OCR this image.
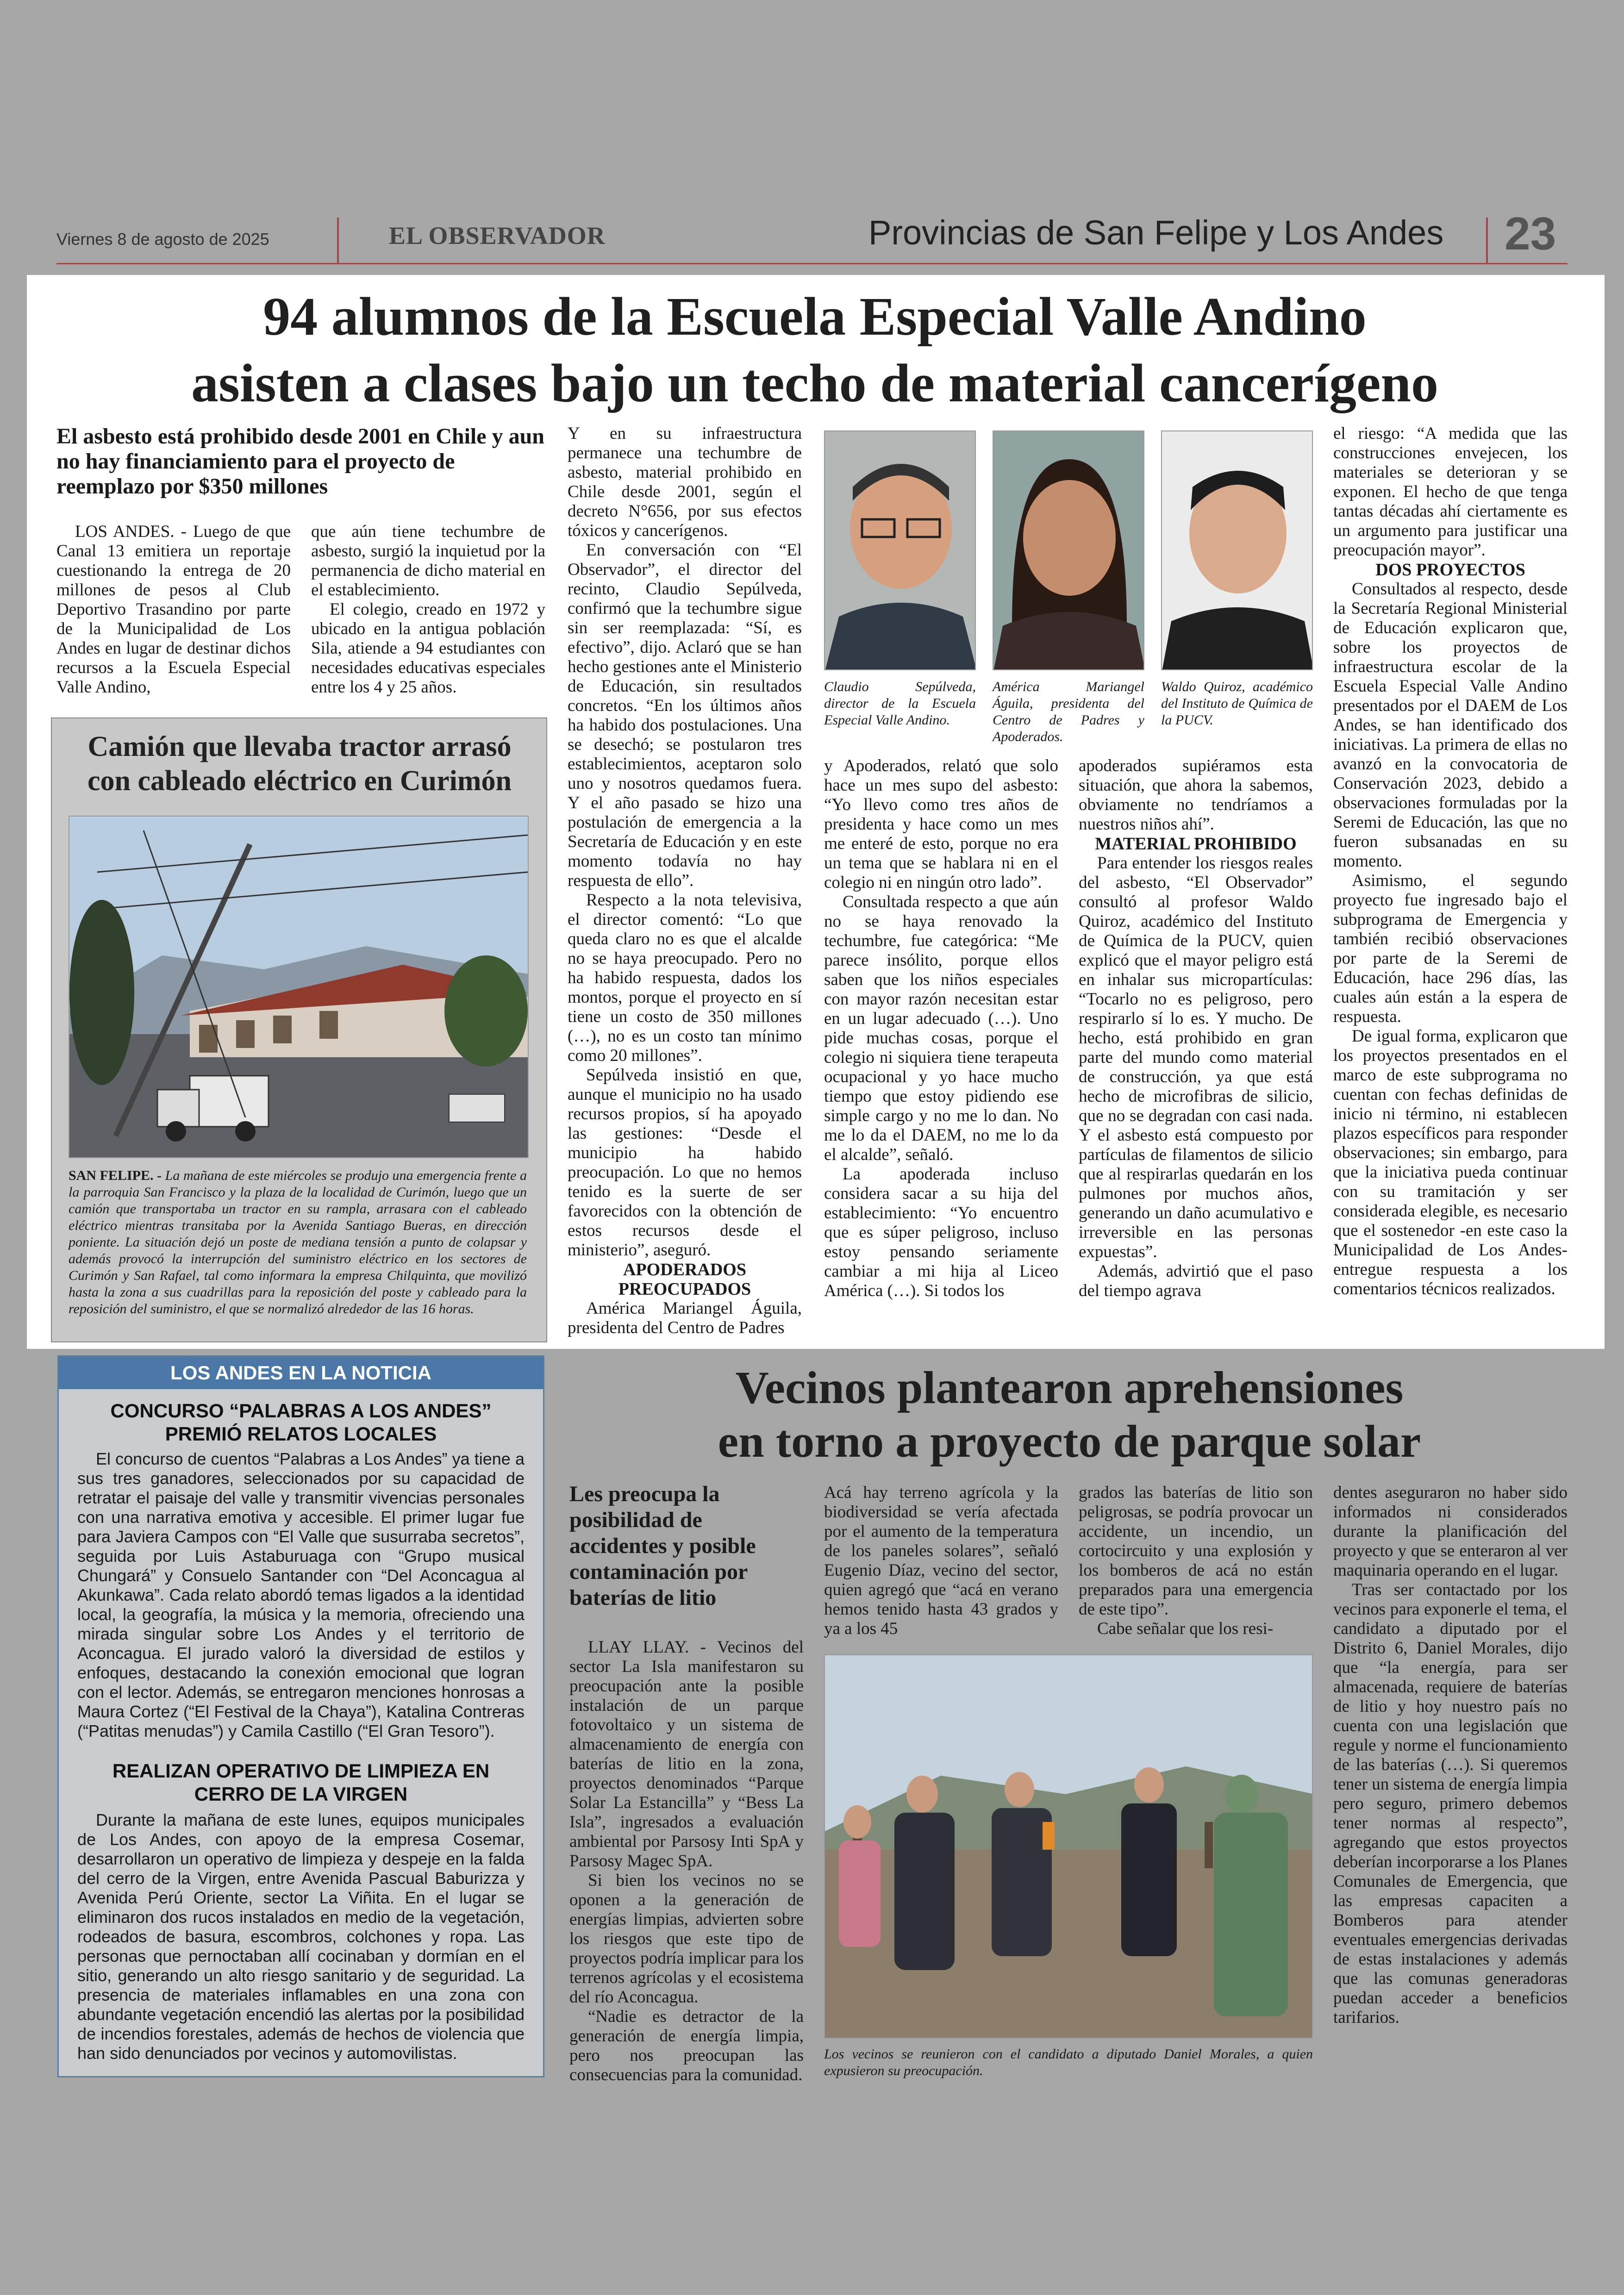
Viernes 8 de agosto de 2025	EL OBSERVADOR	Provincias de San Felipe y Los Andes 23
94 alumnos de la Escuela Especial Valle Andino
asisten a clases bajo un techo de material cancerígeno
El asbesto está prohibido desde 2001 en Chile y aun no hay financiamiento para el proyecto de reemplazo por $350 millones

LOS ANDES. - Luego de que Canal 13 emitiera un reportaje cuestionando la entrega de 20 millones de pesos al Club Deportivo Trasandino por parte de la Municipalidad de Los Andes en lugar de destinar dichos recursos a la Escuela Especial Valle Andino,

que aún tiene techumbre de asbesto, surgió la inquietud por la permanencia de dicho material en el establecimiento.

El colegio, creado en 1972 y ubicado en la antigua población Sila, atiende a 94 estudiantes con necesidades educativas especiales entre los 4 y 25 años.

Camión que llevaba tractor arrasó con cableado eléctrico en Curimón
SAN FELIPE. - La mañana de este miércoles se produjo una emergencia frente a la parroquia San Francisco y la plaza de la localidad de Curimón, luego que un camión que transportaba un tractor en su rampla, arrasara con el cableado eléctrico mientras transitaba por la Avenida Santiago Bueras, en dirección poniente. La situación dejó un poste de mediana tensión a punto de colapsar y además provocó la interrupción del suministro eléctrico en los sectores de Curimón y San Rafael, tal como informara la empresa Chilquinta, que movilizó hasta la zona a sus cuadrillas para la reposición del poste y cableado para la reposición del suministro, el que se normalizó alrededor de las 16 horas.

Y en su infraestructura permanece una techumbre de asbesto, material prohibido en Chile desde 2001, según el decreto N°656, por sus efectos tóxicos y cancerígenos.

En conversación con “El Observador”, el director del recinto, Claudio Sepúlveda, confirmó que la techumbre sigue sin ser reemplazada: “Sí, es efectivo”, dijo. Aclaró que se han hecho gestiones ante el Ministerio de Educación, sin resultados concretos. “En los últimos años ha habido dos postulaciones. Una se desechó; se postularon tres establecimientos, aceptaron solo uno y nosotros quedamos fuera. Y el año pasado se hizo una postulación de emergencia a la Secretaría de Educación y en este momento todavía no hay respuesta de ello”.

Respecto a la nota televisiva, el director comentó: “Lo que queda claro no es que el alcalde no se haya preocupado. Pero no ha habido respuesta, dados los montos, porque el proyecto en sí tiene un costo de 350 millones (…), no es un costo tan mínimo como 20 millones”.

Sepúlveda insistió en que, aunque el municipio no ha usado recursos propios, sí ha apoyado las gestiones: “Desde el municipio ha habido preocupación. Lo que no hemos tenido es la suerte de ser favorecidos con la obtención de estos recursos desde el ministerio”, aseguró.

APODERADOS PREOCUPADOS

América Mariangel Águila, presidenta del Centro de Padres

Claudio Sepúlveda, director de la Escuela Especial Valle Andino.
América Mariangel Águila, presidenta del Centro de Padres y Apoderados.
Waldo Quiroz, académico del Instituto de Química de la PUCV.

y Apoderados, relató que solo hace un mes supo del asbesto: “Yo llevo como tres años de presidenta y hace como un mes me enteré de esto, porque no era un tema que se hablara ni en el colegio ni en ningún otro lado”.

Consultada respecto a que aún no se haya renovado la techumbre, fue categórica: “Me parece insólito, porque ellos saben que los niños especiales con mayor razón necesitan estar en un lugar adecuado (…). Uno pide muchas cosas, porque el colegio ni siquiera tiene terapeuta ocupacional y yo hace mucho tiempo que estoy pidiendo ese simple cargo y no me lo dan. No me lo da el DAEM, no me lo da el alcalde”, señaló.

La apoderada incluso considera sacar a su hija del establecimiento: “Yo encuentro que es súper peligroso, incluso estoy pensando seriamente cambiar a mi hija al Liceo América (…). Si todos los

apoderados supiéramos esta situación, que ahora la sabemos, obviamente no tendríamos a nuestros niños ahí”.

MATERIAL PROHIBIDO

Para entender los riesgos reales del asbesto, “El Observador” consultó al profesor Waldo Quiroz, académico del Instituto de Química de la PUCV, quien explicó que el mayor peligro está en inhalar sus micropartículas: “Tocarlo no es peligroso, pero respirarlo sí lo es. Y mucho. De hecho, está prohibido en gran parte del mundo como material de construcción, ya que está hecho de microfibras de silicio, que no se degradan con casi nada. Y el asbesto está compuesto por partículas de filamentos de silicio que al respirarlas quedarán en los pulmones por muchos años, generando un daño acumulativo e irreversible en las personas expuestas”.

Además, advirtió que el paso del tiempo agrava

el riesgo: “A medida que las construcciones envejecen, los materiales se deterioran y se exponen. El hecho de que tenga tantas décadas ahí ciertamente es un argumento para justificar una preocupación mayor”.

DOS PROYECTOS

Consultados al respecto, desde la Secretaría Regional Ministerial de Educación explicaron que, sobre los proyectos de infraestructura escolar de la Escuela Especial Valle Andino presentados por el DAEM de Los Andes, se han identificado dos iniciativas. La primera de ellas no avanzó en la convocatoria de Conservación 2023, debido a observaciones formuladas por la Seremi de Educación, las que no fueron subsanadas en su momento.

Asimismo, el segundo proyecto fue ingresado bajo el subprograma de Emergencia y también recibió observaciones por parte de la Seremi de Educación, hace 296 días, las cuales aún están a la espera de respuesta.

De igual forma, explicaron que los proyectos presentados en el marco de este subprograma no cuentan con fechas definidas de inicio ni término, ni establecen plazos específicos para responder observaciones; sin embargo, para que la iniciativa pueda continuar con su tramitación y ser considerada elegible, es necesario que el sostenedor -en este caso la Municipalidad de Los Andes- entregue respuesta a los comentarios técnicos realizados.

LOS ANDES EN LA NOTICIA
CONCURSO “PALABRAS A LOS ANDES” PREMIÓ RELATOS LOCALES

El concurso de cuentos “Palabras a Los Andes” ya tiene a sus tres ganadores, seleccionados por su capacidad de retratar el paisaje del valle y transmitir vivencias personales con una narrativa emotiva y accesible. El primer lugar fue para Javiera Campos con “El Valle que susurraba secretos”, seguida por Luis Astaburuaga con “Grupo musical Chungará” y Consuelo Santander con “Del Aconcagua al Akunkawa”. Cada relato abordó temas ligados a la identidad local, la geografía, la música y la memoria, ofreciendo una mirada singular sobre Los Andes y el territorio de Aconcagua. El jurado valoró la diversidad de estilos y enfoques, destacando la conexión emocional que logran con el lector. Además, se entregaron menciones honrosas a Maura Cortez (“El Festival de la Chaya”), Katalina Contreras (“Patitas menudas”) y Camila Castillo (“El Gran Tesoro”).

REALIZAN OPERATIVO DE LIMPIEZA EN CERRO DE LA VIRGEN

Durante la mañana de este lunes, equipos municipales de Los Andes, con apoyo de la empresa Cosemar, desarrollaron un operativo de limpieza y despeje en la falda del cerro de la Virgen, entre Avenida Pascual Baburizza y Avenida Perú Oriente, sector La Viñita. En el lugar se eliminaron dos rucos instalados en medio de la vegetación, rodeados de basura, escombros, colchones y ropa. Las personas que pernoctaban allí cocinaban y dormían en el sitio, generando un alto riesgo sanitario y de seguridad. La presencia de materiales inflamables en una zona con abundante vegetación encendió las alertas por la posibilidad de incendios forestales, además de hechos de violencia que han sido denunciados por vecinos y automovilistas.

Vecinos plantearon aprehensiones
en torno a proyecto de parque solar
Les preocupa la posibilidad de accidentes y posible contaminación por baterías de litio

LLAY LLAY. - Vecinos del sector La Isla manifestaron su preocupación ante la posible instalación de un parque fotovoltaico y un sistema de almacenamiento de energía con baterías de litio en la zona, proyectos denominados “Parque Solar La Estancilla” y “Bess La Isla”, ingresados a evaluación ambiental por Parsosy Inti SpA y Parsosy Magec SpA.

Si bien los vecinos no se oponen a la generación de energías limpias, advierten sobre los riesgos que este tipo de proyectos podría implicar para los terrenos agrícolas y el ecosistema del río Aconcagua.

“Nadie es detractor de la generación de energía limpia, pero nos preocupan las consecuencias para la comunidad.

Acá hay terreno agrícola y la biodiversidad se vería afectada por el aumento de la temperatura de los paneles solares”, señaló Eugenio Díaz, vecino del sector, quien agregó que “acá en verano hemos tenido hasta 43 grados y ya a los 45

grados las baterías de litio son peligrosas, se podría provocar un accidente, un incendio, un cortocircuito y una explosión y los bomberos de acá no están preparados para una emergencia de este tipo”.

Cabe señalar que los resi-

Los vecinos se reunieron con el candidato a diputado Daniel Morales, a quien expusieron su preocupación.

dentes aseguraron no haber sido informados ni considerados durante la planificación del proyecto y que se enteraron al ver maquinaria operando en el lugar.

Tras ser contactado por los vecinos para exponerle el tema, el candidato a diputado por el Distrito 6, Daniel Morales, dijo que “la energía, para ser almacenada, requiere de baterías de litio y hoy nuestro país no cuenta con una legislación que regule y norme el funcionamiento de las baterías (…). Si queremos tener un sistema de energía limpia pero seguro, primero debemos tener normas al respecto”, agregando que estos proyectos deberían incorporarse a los Planes Comunales de Emergencia, que las empresas capaciten a Bomberos para atender eventuales emergencias derivadas de estas instalaciones y además que las comunas generadoras puedan acceder a beneficios tarifarios.
